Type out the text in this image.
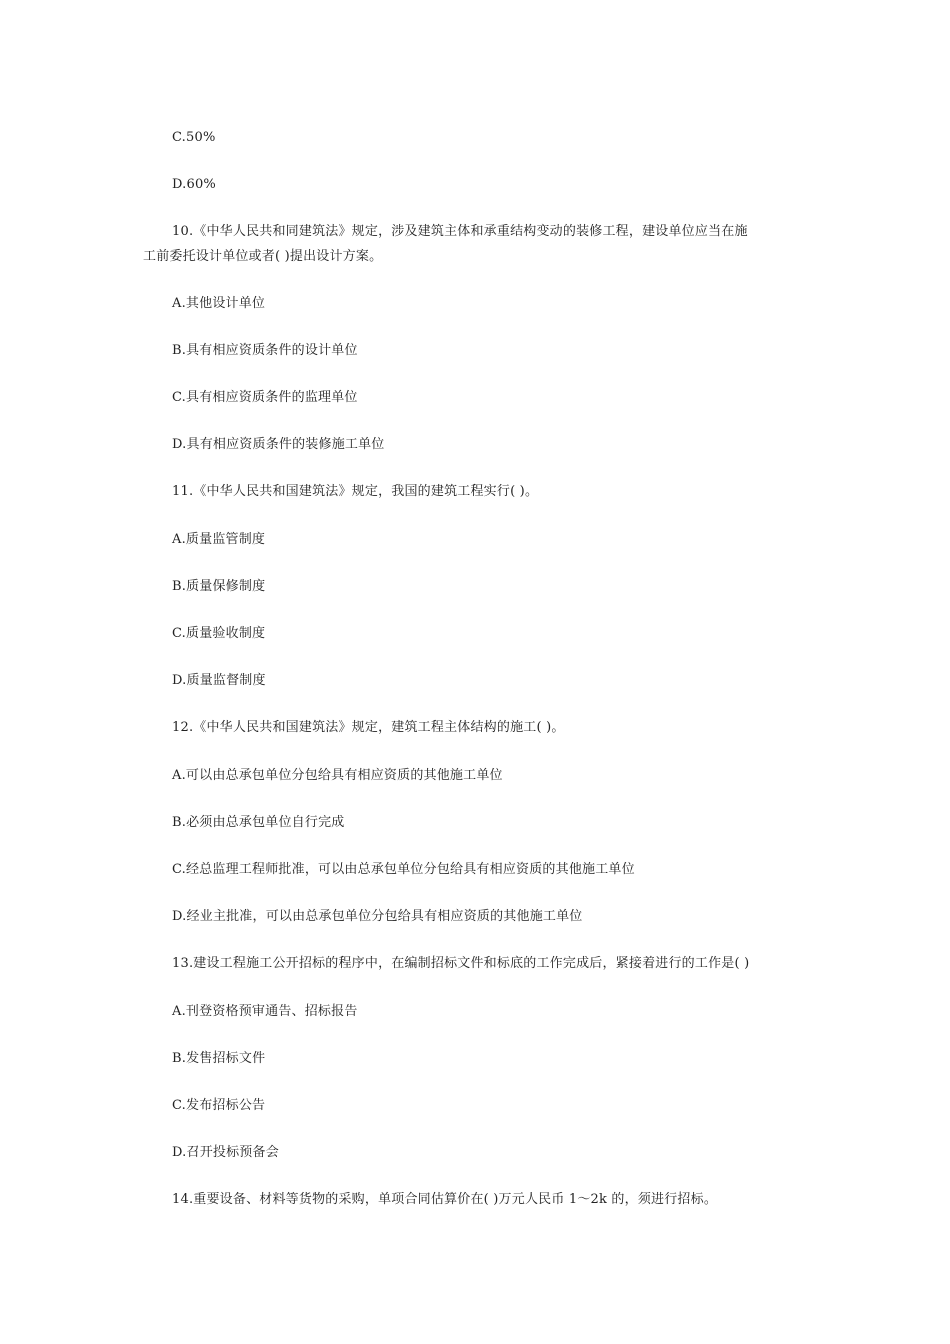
C.50%
D.60%
10.《中华人民共和同建筑法》规定，涉及建筑主体和承重结构变动的装修工程，建设单位应当在施
工前委托设计单位或者( )提出设计方案。
A.其他设计单位
B.具有相应资质条件的设计单位
C.具有相应资质条件的监理单位
D.具有相应资质条件的装修施工单位
11.《中华人民共和国建筑法》规定，我国的建筑工程实行( )。
A.质量监管制度
B.质量保修制度
C.质量验收制度
D.质量监督制度
12.《中华人民共和国建筑法》规定，建筑工程主体结构的施工( )。
A.可以由总承包单位分包给具有相应资质的其他施工单位
B.必须由总承包单位自行完成
C.经总监理工程师批准，可以由总承包单位分包给具有相应资质的其他施工单位
D.经业主批准，可以由总承包单位分包给具有相应资质的其他施工单位
13.建设工程施工公开招标的程序中，在编制招标文件和标底的工作完成后，紧接着进行的工作是( )
A.刊登资格预审通告、招标报告
B.发售招标文件
C.发布招标公告
D.召开投标预备会
14.重要设备、材料等货物的采购，单项合同估算价在( )万元人民币 1～2k 的，须进行招标。
